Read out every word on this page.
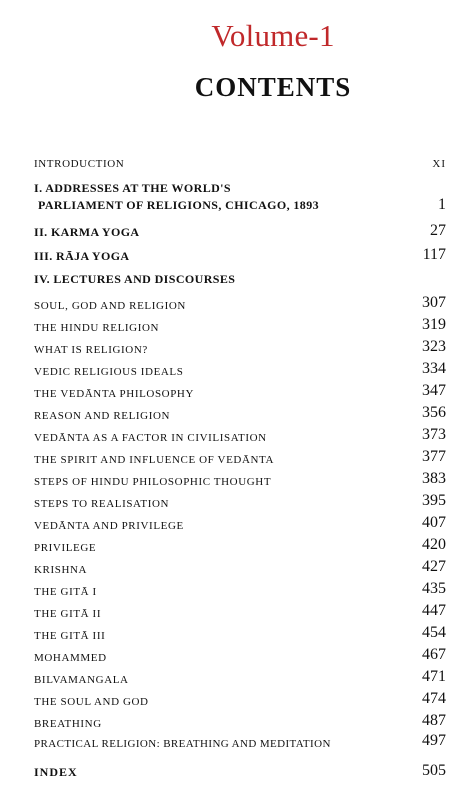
Volume-1
CONTENTS
INTRODUCTION	XI
I. ADDRESSES AT THE WORLD'S
PARLIAMENT OF RELIGIONS, CHICAGO, 1893	1
II. KARMA YOGA	27
III. RĀJA YOGA	117
IV. LECTURES AND DISCOURSES
SOUL, GOD AND RELIGION	307
THE HINDU RELIGION	319
WHAT IS RELIGION?	323
VEDIC RELIGIOUS IDEALS	334
THE VEDĀNTA PHILOSOPHY	347
REASON AND RELIGION	356
VEDĀNTA AS A FACTOR IN CIVILISATION	373
THE SPIRIT AND INFLUENCE OF VEDĀNTA	377
STEPS OF HINDU PHILOSOPHIC THOUGHT	383
STEPS TO REALISATION	395
VEDĀNTA AND PRIVILEGE	407
PRIVILEGE	420
KRISHNA	427
THE GITĀ I	435
THE GITĀ II	447
THE GITĀ III	454
MOHAMMED	467
BILVAMANGALA	471
THE SOUL AND GOD	474
BREATHING	487
PRACTICAL RELIGION: BREATHING AND MEDITATION	497
INDEX	505
